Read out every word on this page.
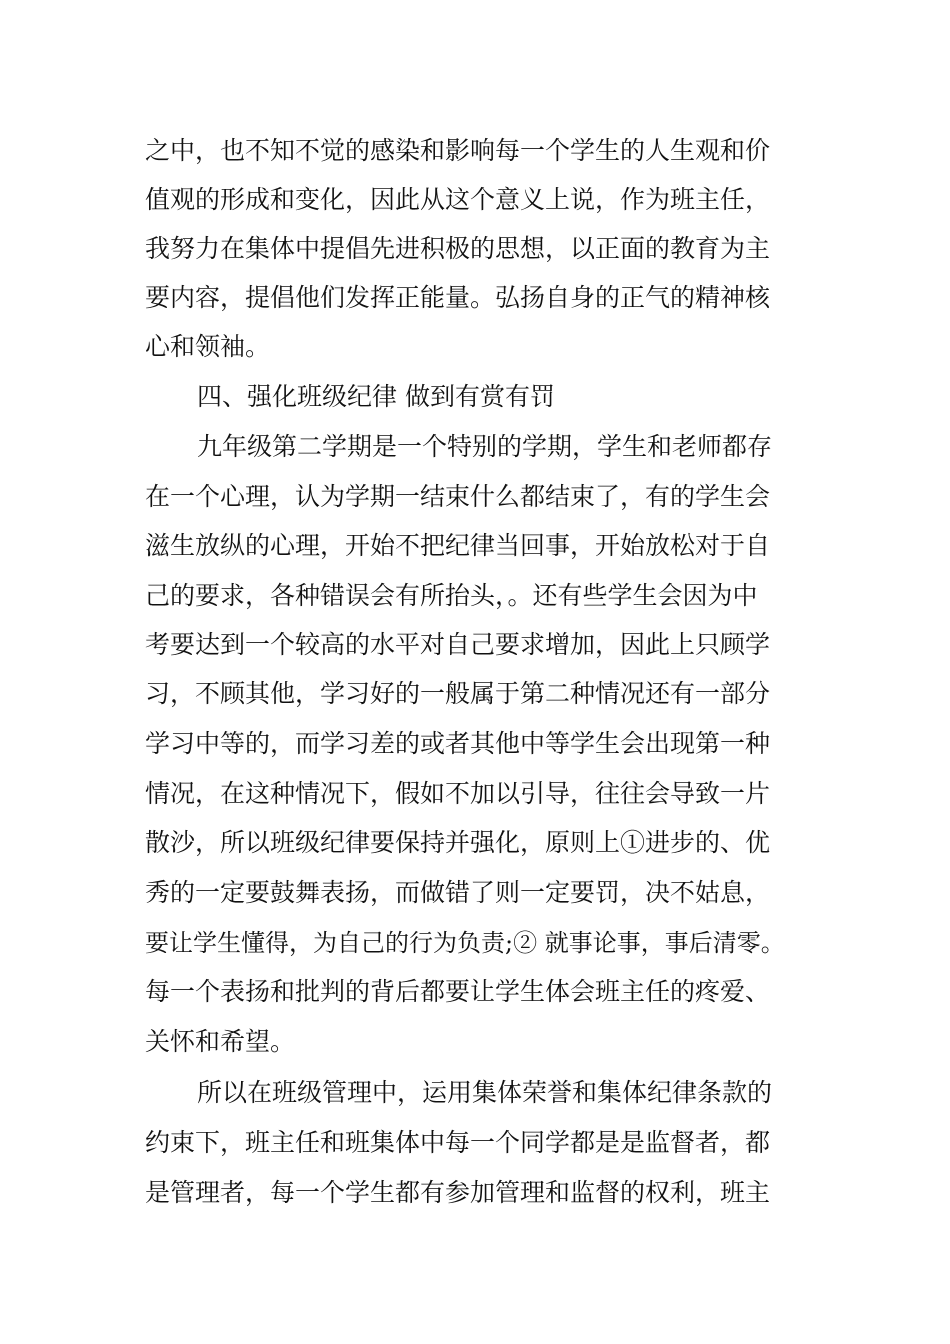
之中，也不知不觉的感染和影响每一个学生的人生观和价

值观的形成和变化，因此从这个意义上说，作为班主任，

我努力在集体中提倡先进积极的思想，以正面的教育为主

要内容，提倡他们发挥正能量。弘扬自身的正气的精神核

心和领袖。

四、强化班级纪律 做到有赏有罚

九年级第二学期是一个特别的学期，学生和老师都存

在一个心理，认为学期一结束什么都结束了，有的学生会

滋生放纵的心理，开始不把纪律当回事，开始放松对于自

己的要求，各种错误会有所抬头，。还有些学生会因为中

考要达到一个较高的水平对自己要求增加，因此上只顾学

习，不顾其他，学习好的一般属于第二种情况还有一部分

学习中等的，而学习差的或者其他中等学生会出现第一种

情况，在这种情况下，假如不加以引导，往往会导致一片

散沙，所以班级纪律要保持并强化，原则上①进步的、优

秀的一定要鼓舞表扬，而做错了则一定要罚，决不姑息，

要让学生懂得，为自己的行为负责;② 就事论事，事后清零。

每一个表扬和批判的背后都要让学生体会班主任的疼爱、

关怀和希望。

所以在班级管理中，运用集体荣誉和集体纪律条款的

约束下，班主任和班集体中每一个同学都是是监督者，都

是管理者，每一个学生都有参加管理和监督的权利，班主
